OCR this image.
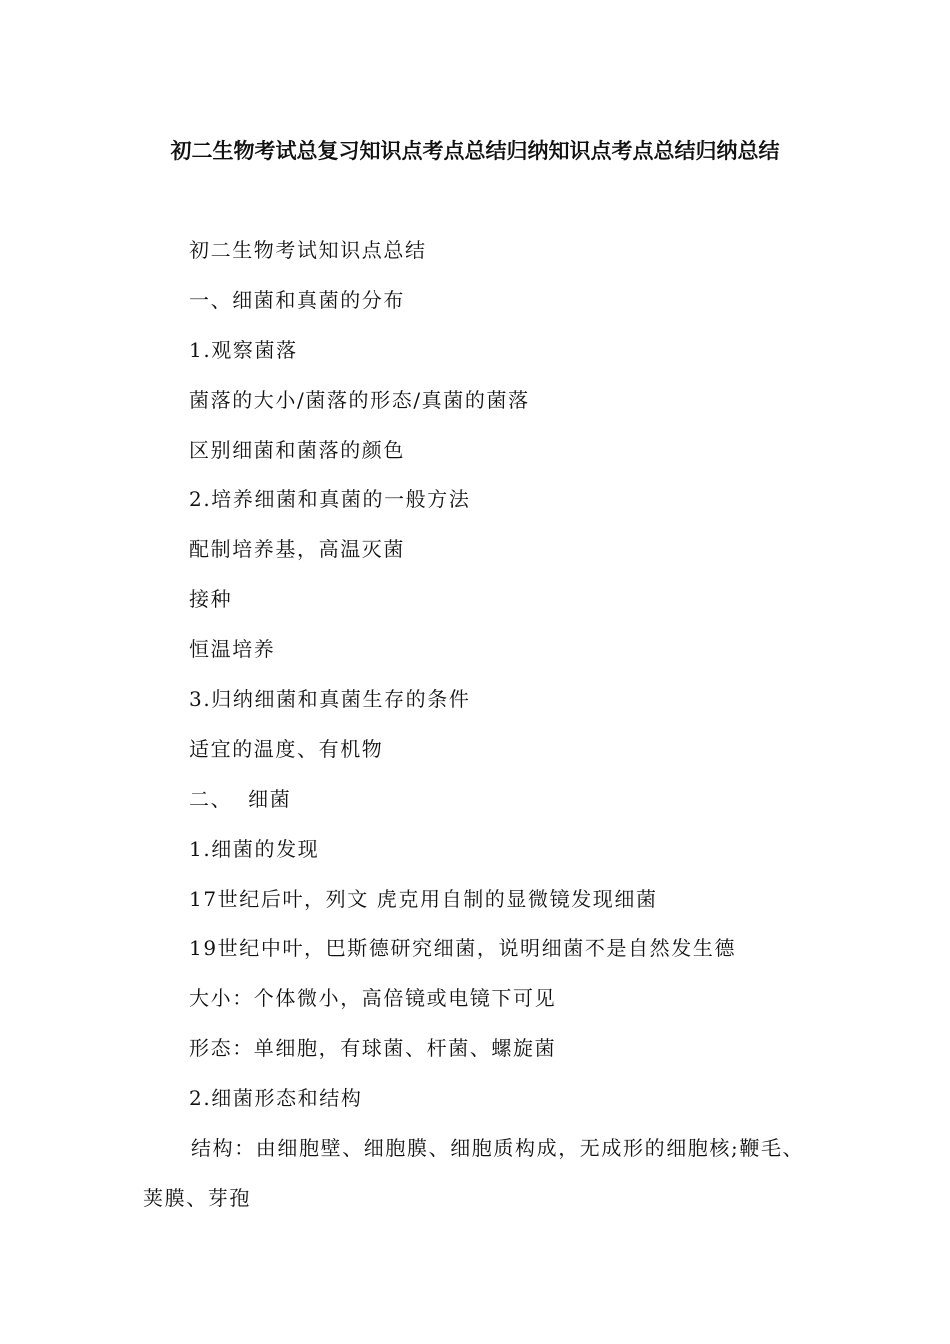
初二生物考试总复习知识点考点总结归纳知识点考点总结归纳总结

初二生物考试知识点总结

一、细菌和真菌的分布

1.观察菌落

菌落的大小/菌落的形态/真菌的菌落

区别细菌和菌落的颜色

2.培养细菌和真菌的一般方法

配制培养基，高温灭菌

接种

恒温培养

3.归纳细菌和真菌生存的条件

适宜的温度、有机物

二、  细菌

1.细菌的发现

17世纪后叶，列文 虎克用自制的显微镜发现细菌

19世纪中叶，巴斯德研究细菌，说明细菌不是自然发生德

大小：个体微小，高倍镜或电镜下可见

形态：单细胞，有球菌、杆菌、螺旋菌

2.细菌形态和结构

结构：由细胞壁、细胞膜、细胞质构成，无成形的细胞核;鞭毛、荚膜、芽孢
